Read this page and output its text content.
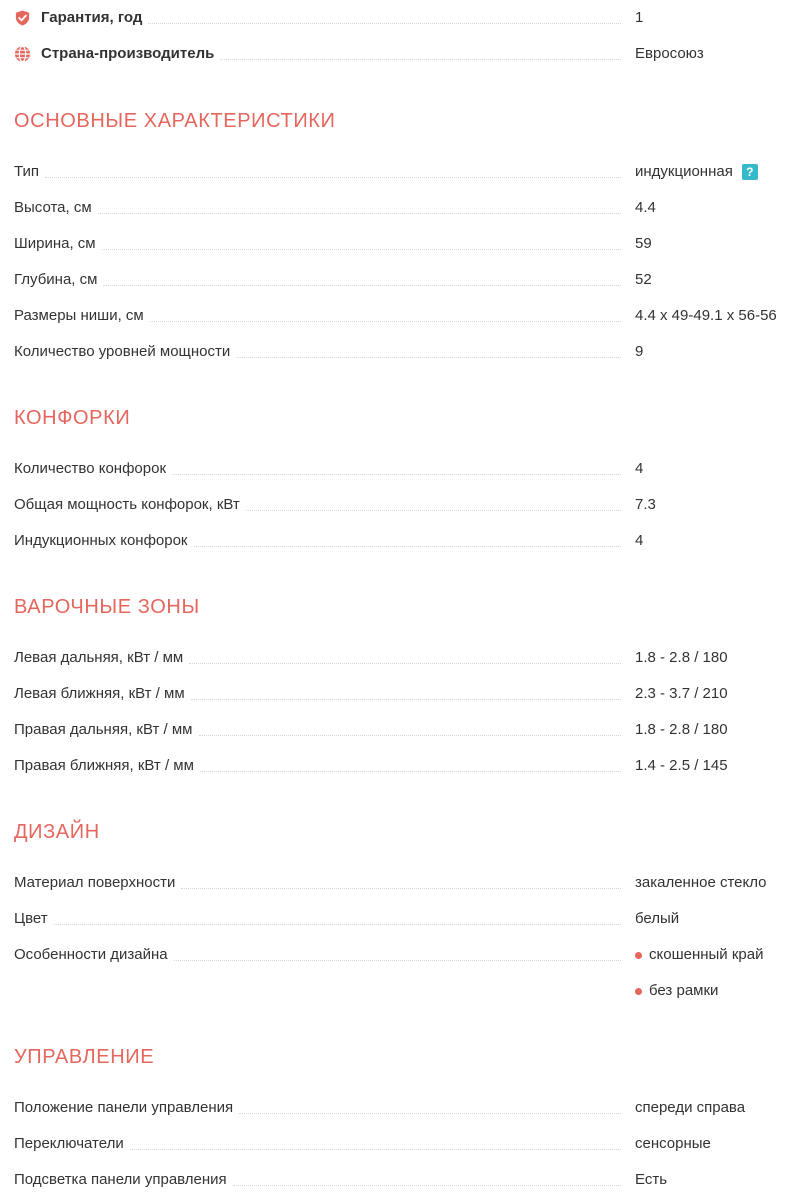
Гарантия, год	1
Страна-производитель	Евросоюз
ОСНОВНЫЕ ХАРАКТЕРИСТИКИ
Тип	индукционная	?
Высота, см	4.4
Ширина, см	59
Глубина, см	52
Размеры ниши, см	4.4 x 49-49.1 x 56-56
Количество уровней мощности	9
КОНФОРКИ
Количество конфорок	4
Общая мощность конфорок, кВт	7.3
Индукционных конфорок	4
ВАРОЧНЫЕ ЗОНЫ
Левая дальняя, кВт / мм	1.8 - 2.8 / 180
Левая ближняя, кВт / мм	2.3 - 3.7 / 210
Правая дальняя, кВт / мм	1.8 - 2.8 / 180
Правая ближняя, кВт / мм	1.4 - 2.5 / 145
ДИЗАЙН
Материал поверхности	закаленное стекло
Цвет	белый
Особенности дизайна	скошенный край
без рамки
УПРАВЛЕНИЕ
Положение панели управления	спереди справа
Переключатели	сенсорные
Подсветка панели управления	Есть
